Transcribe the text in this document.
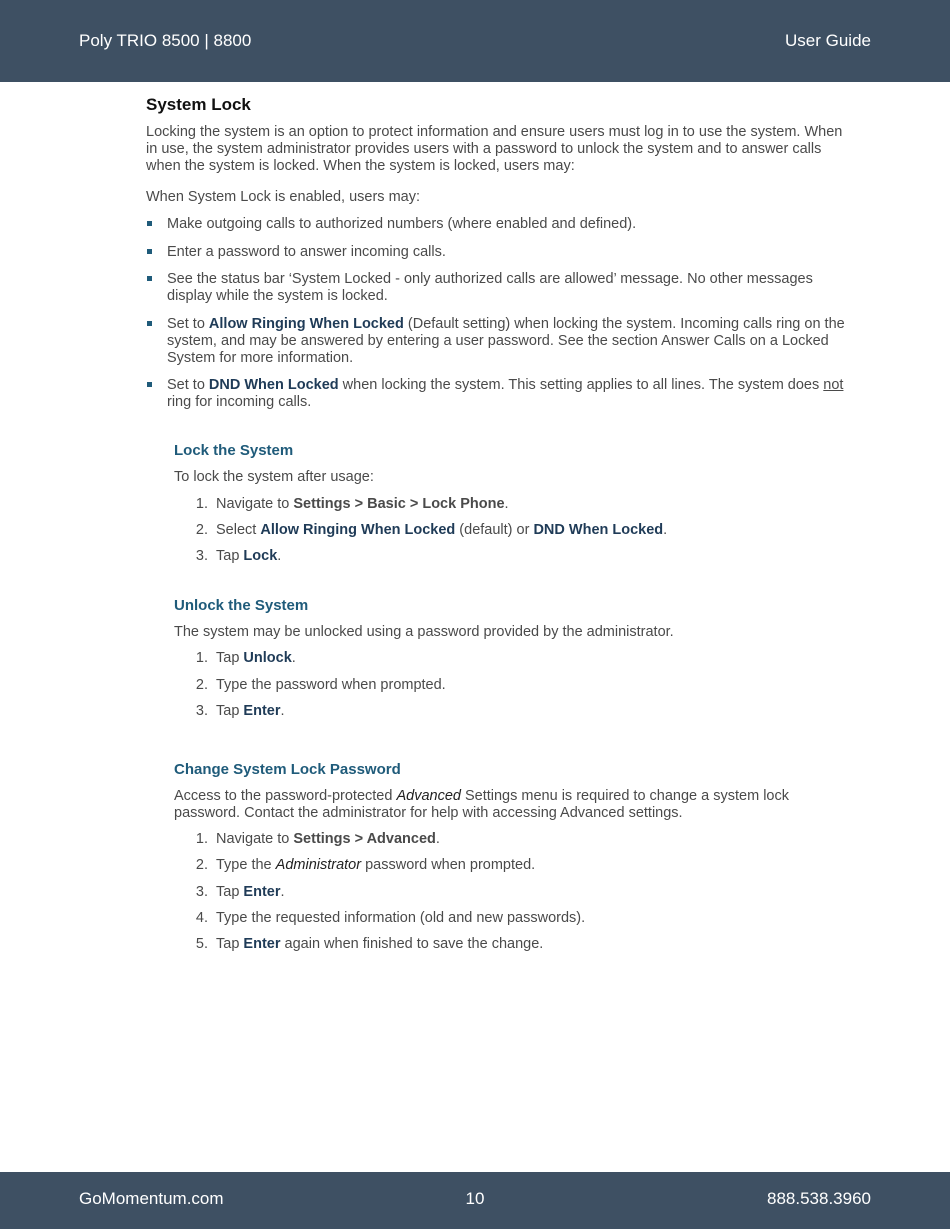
Poly TRIO 8500 | 8800	User Guide
System Lock
Locking the system is an option to protect information and ensure users must log in to use the system. When in use, the system administrator provides users with a password to unlock the system and to answer calls when the system is locked. When the system is locked, users may:
When System Lock is enabled, users may:
Make outgoing calls to authorized numbers (where enabled and defined).
Enter a password to answer incoming calls.
See the status bar ‘System Locked - only authorized calls are allowed’ message. No other messages display while the system is locked.
Set to Allow Ringing When Locked (Default setting) when locking the system. Incoming calls ring on the system, and may be answered by entering a user password. See the section Answer Calls on a Locked System for more information.
Set to DND When Locked when locking the system. This setting applies to all lines. The system does not ring for incoming calls.
Lock the System
To lock the system after usage:
1. Navigate to Settings > Basic > Lock Phone.
2. Select Allow Ringing When Locked (default) or DND When Locked.
3. Tap Lock.
Unlock the System
The system may be unlocked using a password provided by the administrator.
1. Tap Unlock.
2. Type the password when prompted.
3. Tap Enter.
Change System Lock Password
Access to the password-protected Advanced Settings menu is required to change a system lock password. Contact the administrator for help with accessing Advanced settings.
1. Navigate to Settings > Advanced.
2. Type the Administrator password when prompted.
3. Tap Enter.
4. Type the requested information (old and new passwords).
5. Tap Enter again when finished to save the change.
GoMomentum.com	10	888.538.3960
